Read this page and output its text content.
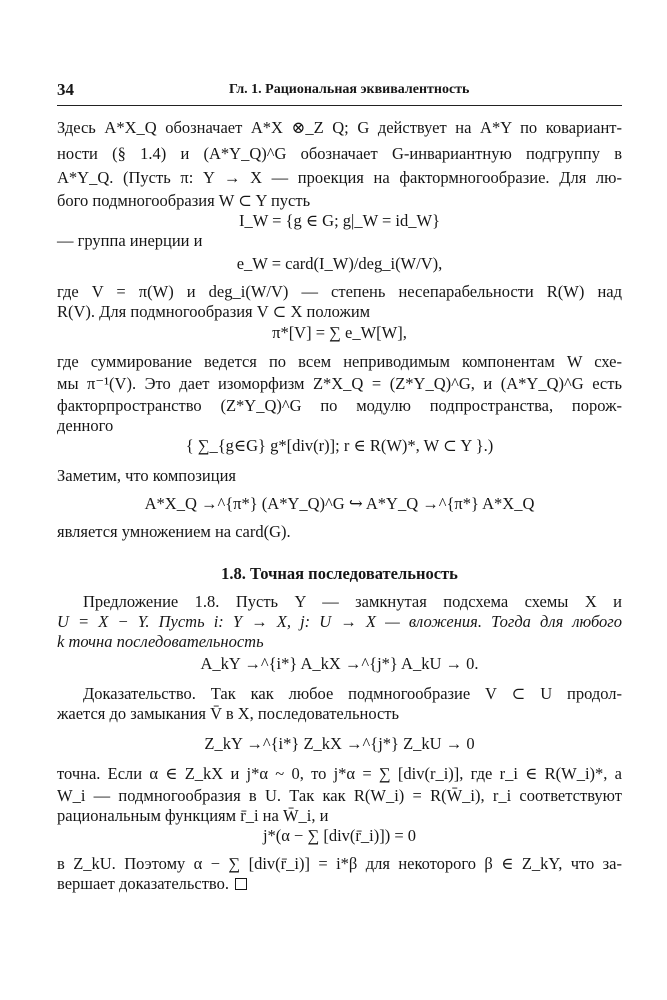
34	Гл. 1. Рациональная эквивалентность
Здесь A*X_Q обозначает A*X ⊗_Z Q; G действует на A*Y по ковариант-
ности (§ 1.4) и (A*Y_Q)^G обозначает G-инвариантную подгруппу в
A*Y_Q. (Пусть π: Y → X — проекция на фактормногообразие. Для лю-
бого подмногообразия W ⊂ Y пусть
I_W = {g ∈ G; g|_W = id_W}
— группа инерции и
e_W = card(I_W)/deg_i(W/V),
где V = π(W) и deg_i(W/V) — степень несепарабельности R(W) над
R(V). Для подмногообразия V ⊂ X положим
π*[V] = ∑ e_W[W],
где суммирование ведется по всем неприводимым компонентам W схе-
мы π⁻¹(V). Это дает изоморфизм Z*X_Q = (Z*Y_Q)^G, и (A*Y_Q)^G есть
факторпространство (Z*Y_Q)^G по модулю подпространства, порож-
денного
{ ∑_{g∈G} g*[div(r)]; r ∈ R(W)*, W ⊂ Y }.)
Заметим, что композиция
A*X_Q →^{π*} (A*Y_Q)^G ↪ A*Y_Q →^{π*} A*X_Q
является умножением на card(G).
1.8. Точная последовательность
Предложение 1.8. Пусть Y — замкнутая подсхема схемы X и
U = X − Y. Пусть i: Y → X, j: U → X — вложения. Тогда для любого
k точна последовательность
A_kY →^{i*} A_kX →^{j*} A_kU → 0.
Доказательство. Так как любое подмногообразие V ⊂ U продол-
жается до замыкания V̄ в X, последовательность
Z_kY →^{i*} Z_kX →^{j*} Z_kU → 0
точна. Если α ∈ Z_kX и j*α ~ 0, то j*α = ∑ [div(r_i)], где r_i ∈ R(W_i)*, а
W_i — подмногообразия в U. Так как R(W_i) = R(W̄_i), r_i соответствуют
рациональным функциям r̄_i на W̄_i, и
j*(α − ∑ [div(r̄_i)]) = 0
в Z_kU. Поэтому α − ∑ [div(r̄_i)] = i*β для некоторого β ∈ Z_kY, что за-
вершает доказательство.
